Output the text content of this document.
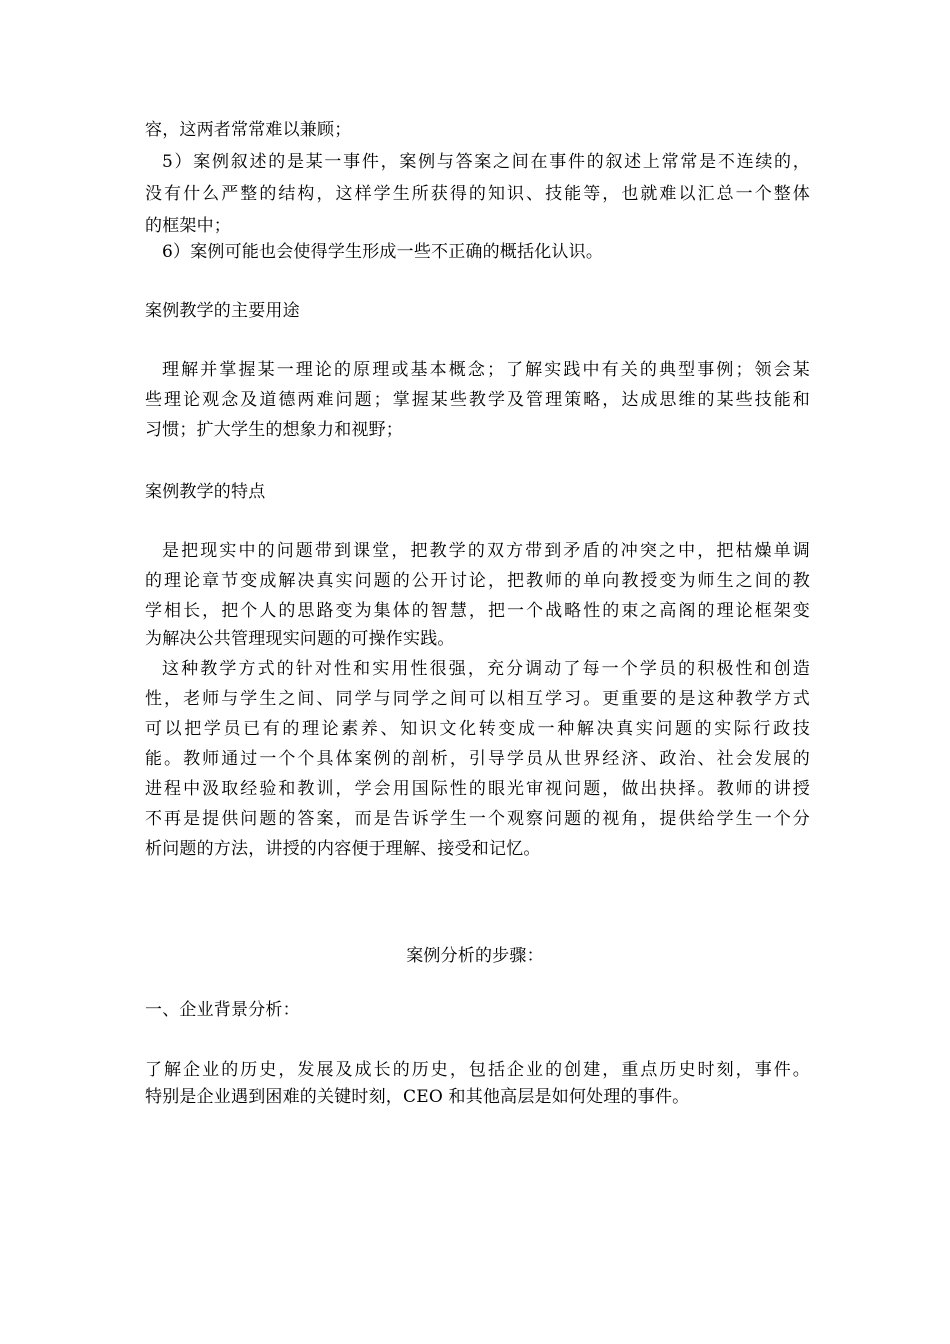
容，这两者常常难以兼顾；
5）案例叙述的是某一事件，案例与答案之间在事件的叙述上常常是不连续的，
没有什么严整的结构，这样学生所获得的知识、技能等，也就难以汇总一个整体
的框架中；
6）案例可能也会使得学生形成一些不正确的概括化认识。
案例教学的主要用途
理解并掌握某一理论的原理或基本概念；了解实践中有关的典型事例；领会某
些理论观念及道德两难问题；掌握某些教学及管理策略，达成思维的某些技能和
习惯；扩大学生的想象力和视野；
案例教学的特点
是把现实中的问题带到课堂，把教学的双方带到矛盾的冲突之中，把枯燥单调
的理论章节变成解决真实问题的公开讨论，把教师的单向教授变为师生之间的教
学相长，把个人的思路变为集体的智慧，把一个战略性的束之高阁的理论框架变
为解决公共管理现实问题的可操作实践。
这种教学方式的针对性和实用性很强，充分调动了每一个学员的积极性和创造
性，老师与学生之间、同学与同学之间可以相互学习。更重要的是这种教学方式
可以把学员已有的理论素养、知识文化转变成一种解决真实问题的实际行政技
能。教师通过一个个具体案例的剖析，引导学员从世界经济、政治、社会发展的
进程中汲取经验和教训，学会用国际性的眼光审视问题，做出抉择。教师的讲授
不再是提供问题的答案，而是告诉学生一个观察问题的视角，提供给学生一个分
析问题的方法，讲授的内容便于理解、接受和记忆。
案例分析的步骤：
一、企业背景分析：
了解企业的历史，发展及成长的历史，包括企业的创建，重点历史时刻，事件。
特别是企业遇到困难的关键时刻，CEO 和其他高层是如何处理的事件。
